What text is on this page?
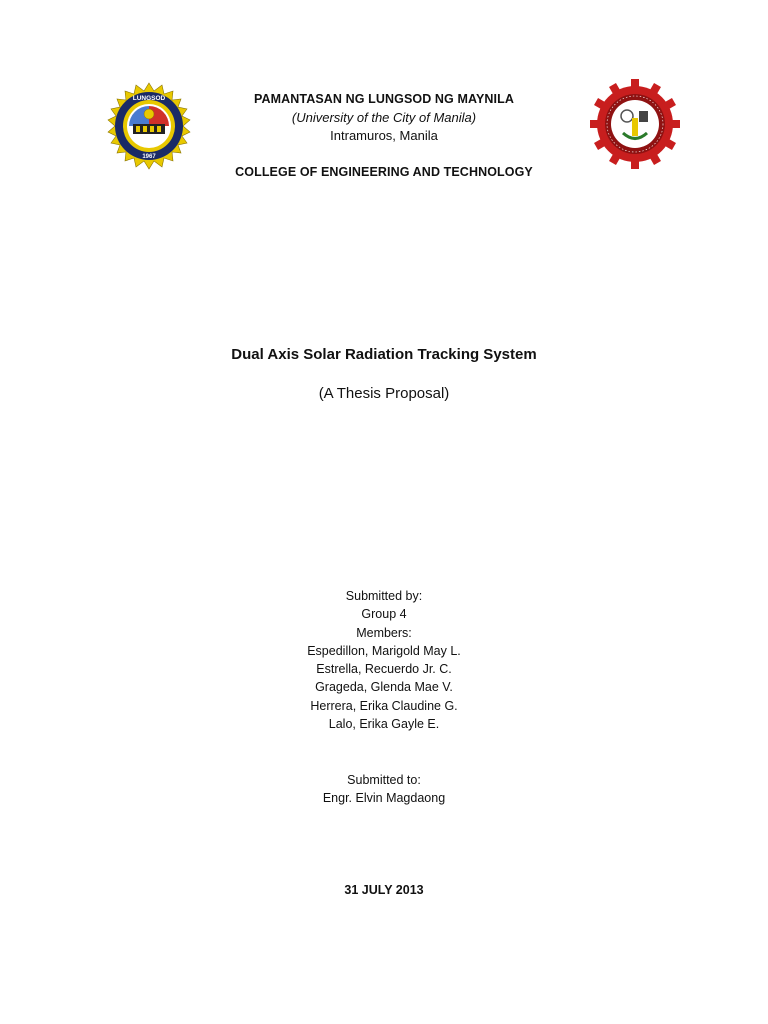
LUNGSOD
1967
PAMANTASAN NG LUNGSOD NG MAYNILA
(University of the City of Manila)
Intramuros, Manila
COLLEGE OF ENGINEERING AND TECHNOLOGY
Dual Axis Solar Radiation Tracking System
(A Thesis Proposal)
Submitted by:
Group 4
Members:
Espedillon, Marigold May L.
Estrella, Recuerdo Jr. C.
Grageda, Glenda Mae V.
Herrera, Erika Claudine G.
Lalo, Erika Gayle E.
Submitted to:
Engr. Elvin Magdaong
31 JULY 2013
